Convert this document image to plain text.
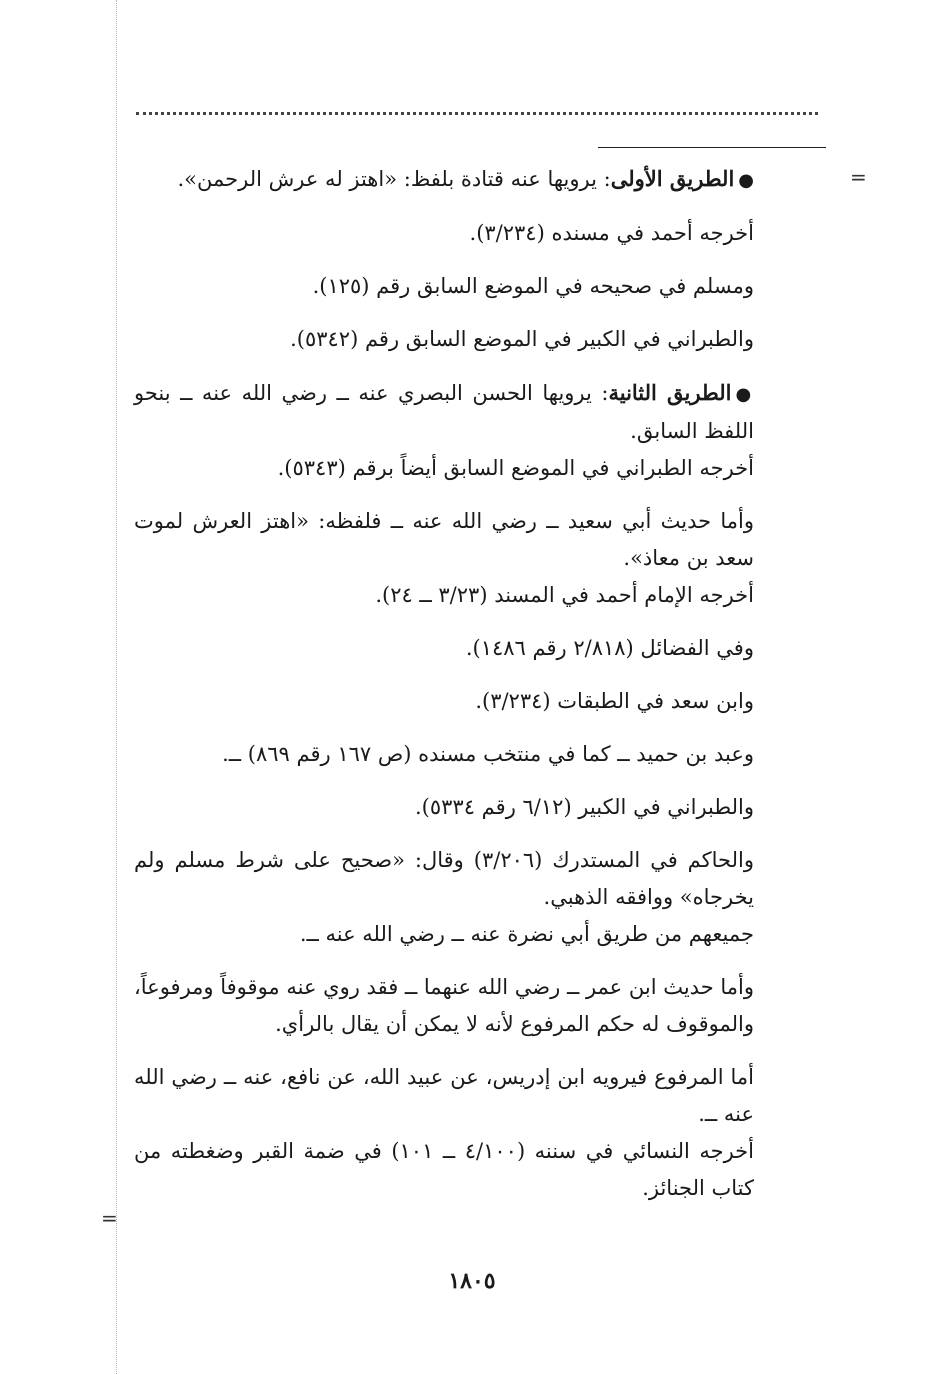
=
=

●الطريق الأولى: يرويها عنه قتادة بلفظ: «اهتز له عرش الرحمن».

أخرجه أحمد في مسنده (٣/٢٣٤).

ومسلم في صحيحه في الموضع السابق رقم (١٢٥).

والطبراني في الكبير في الموضع السابق رقم (٥٣٤٢).

●الطريق الثانية: يرويها الحسن البصري عنه ــ رضي الله عنه ــ بنحو اللفظ السابق.

أخرجه الطبراني في الموضع السابق أيضاً برقم (٥٣٤٣).

وأما حديث أبي سعيد ــ رضي الله عنه ــ فلفظه: «اهتز العرش لموت سعد بن معاذ».

أخرجه الإمام أحمد في المسند (٣/٢٣ ــ ٢٤).

وفي الفضائل (٢/٨١٨ رقم ١٤٨٦).

وابن سعد في الطبقات (٣/٢٣٤).

وعبد بن حميد ــ كما في منتخب مسنده (ص ١٦٧ رقم ٨٦٩) ــ.

والطبراني في الكبير (٦/١٢ رقم ٥٣٣٤).

والحاكم في المستدرك (٣/٢٠٦) وقال: «صحيح على شرط مسلم ولم يخرجاه» ووافقه الذهبي.

جميعهم من طريق أبي نضرة عنه ــ رضي الله عنه ــ.

وأما حديث ابن عمر ــ رضي الله عنهما ــ فقد روي عنه موقوفاً ومرفوعاً، والموقوف له حكم المرفوع لأنه لا يمكن أن يقال بالرأي.

أما المرفوع فيرويه ابن إدريس، عن عبيد الله، عن نافع، عنه ــ رضي الله عنه ــ.

أخرجه النسائي في سننه (٤/١٠٠ ــ ١٠١) في ضمة القبر وضغطته من كتاب الجنائز.

١٨٠٥
